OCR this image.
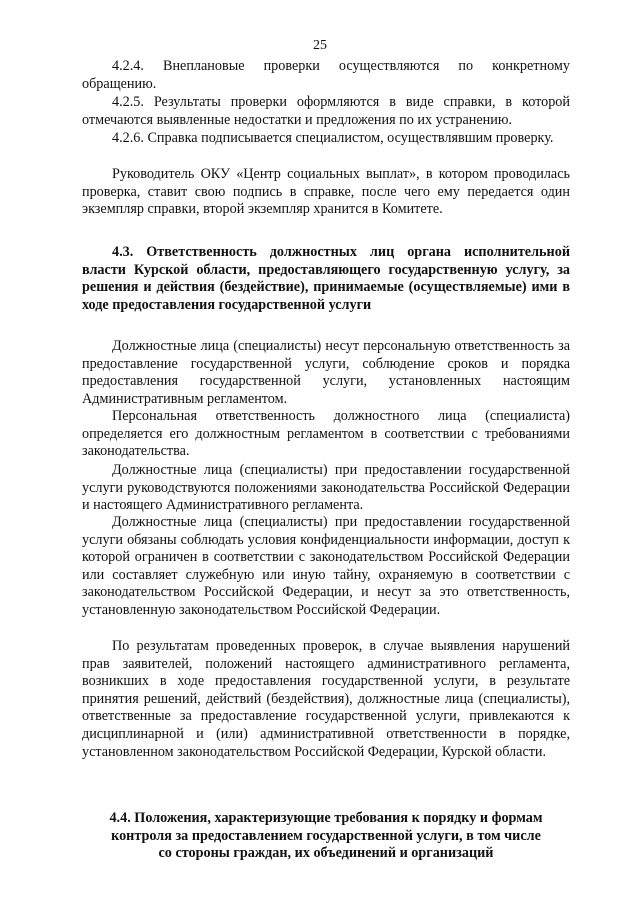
25

4.2.4. Внеплановые проверки осуществляются по конкретному обращению.

4.2.5. Результаты проверки оформляются в виде справки, в которой отмечаются выявленные недостатки и предложения по их устранению.

4.2.6. Справка подписывается специалистом, осуществлявшим проверку.

Руководитель ОКУ «Центр социальных выплат», в котором проводилась проверка, ставит свою подпись в справке, после чего ему передается один экземпляр справки, второй экземпляр хранится в Комитете.

4.3. Ответственность должностных лиц органа исполнительной власти Курской области, предоставляющего государственную услугу, за решения и действия (бездействие), принимаемые (осуществляемые) ими в ходе предоставления государственной услуги

Должностные лица (специалисты) несут персональную ответственность за предоставление государственной услуги, соблюдение сроков и порядка предоставления государственной услуги, установленных настоящим Административным регламентом.

Персональная ответственность должностного лица (специалиста) определяется его должностным регламентом в соответствии с требованиями законодательства.

Должностные лица (специалисты) при предоставлении государственной услуги руководствуются положениями законодательства Российской Федерации и настоящего Административного регламента.

Должностные лица (специалисты) при предоставлении государственной услуги обязаны соблюдать условия конфиденциальности информации, доступ к которой ограничен в соответствии с законодательством Российской Федерации или составляет служебную или иную тайну, охраняемую в соответствии с законодательством Российской Федерации, и несут за это ответственность, установленную законодательством Российской Федерации.

По результатам проведенных проверок, в случае выявления нарушений прав заявителей, положений настоящего административного регламента, возникших в ходе предоставления государственной услуги, в результате принятия решений, действий (бездействия), должностные лица (специалисты), ответственные за предоставление государственной услуги, привлекаются к дисциплинарной и (или) административной ответственности в порядке, установленном законодательством Российской Федерации, Курской области.

4.4. Положения, характеризующие требования к порядку и формам контроля за предоставлением государственной услуги, в том числе со стороны граждан, их объединений и организаций
